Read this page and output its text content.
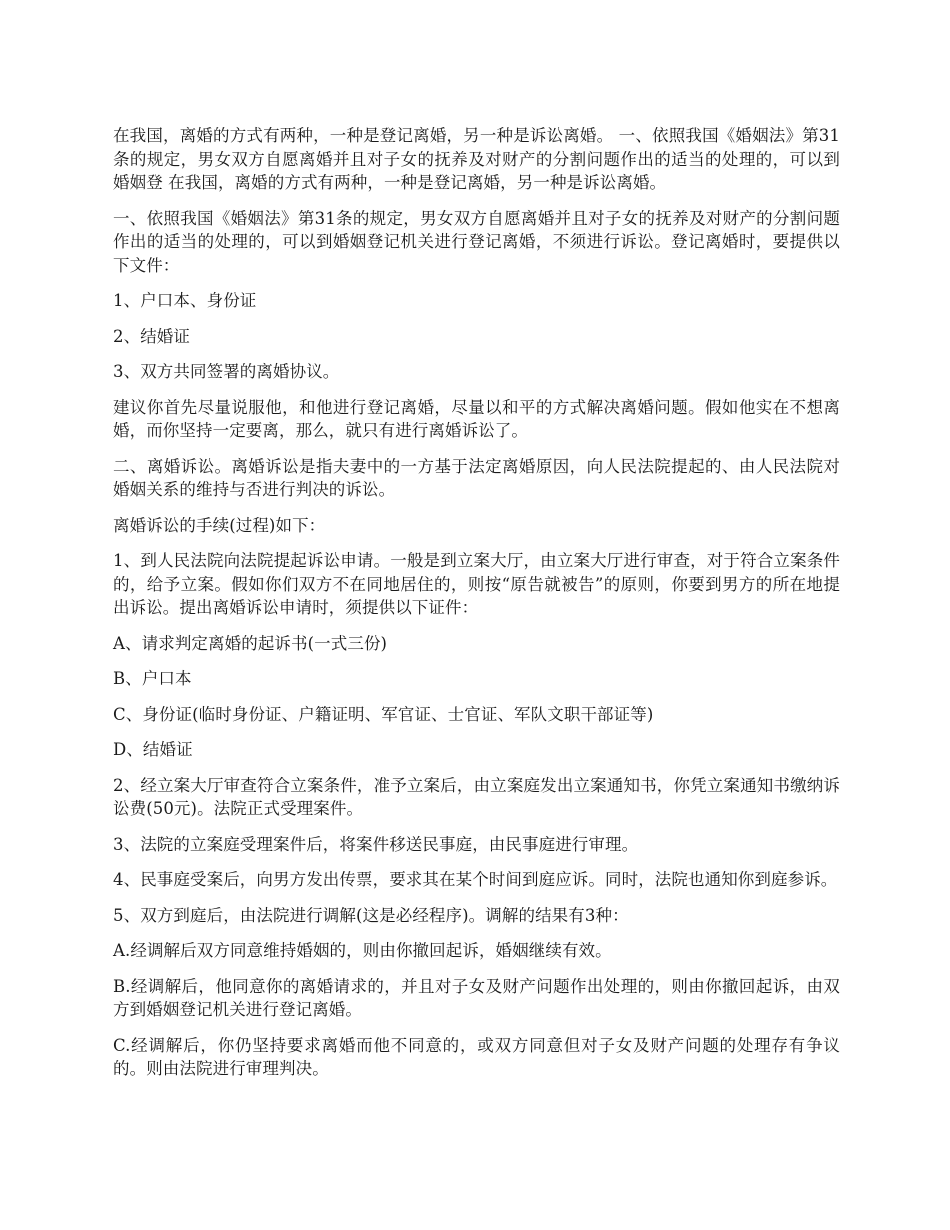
在我国，离婚的方式有两种，一种是登记离婚，另一种是诉讼离婚。 一、依照我国《婚姻法》第31条的规定，男女双方自愿离婚并且对子女的抚养及对财产的分割问题作出的适当的处理的，可以到婚姻登 在我国，离婚的方式有两种，一种是登记离婚，另一种是诉讼离婚。

一、依照我国《婚姻法》第31条的规定，男女双方自愿离婚并且对子女的抚养及对财产的分割问题作出的适当的处理的，可以到婚姻登记机关进行登记离婚，不须进行诉讼。登记离婚时，要提供以下文件：

1、户口本、身份证

2、结婚证

3、双方共同签署的离婚协议。

建议你首先尽量说服他，和他进行登记离婚，尽量以和平的方式解决离婚问题。假如他实在不想离婚，而你坚持一定要离，那么，就只有进行离婚诉讼了。

二、离婚诉讼。离婚诉讼是指夫妻中的一方基于法定离婚原因，向人民法院提起的、由人民法院对婚姻关系的维持与否进行判决的诉讼。

离婚诉讼的手续(过程)如下：

1、到人民法院向法院提起诉讼申请。一般是到立案大厅，由立案大厅进行审查，对于符合立案条件的，给予立案。假如你们双方不在同地居住的，则按“原告就被告”的原则，你要到男方的所在地提出诉讼。提出离婚诉讼申请时，须提供以下证件：

A、请求判定离婚的起诉书(一式三份)

B、户口本

C、身份证(临时身份证、户籍证明、军官证、士官证、军队文职干部证等)

D、结婚证

2、经立案大厅审查符合立案条件，准予立案后，由立案庭发出立案通知书，你凭立案通知书缴纳诉讼费(50元)。法院正式受理案件。

3、法院的立案庭受理案件后，将案件移送民事庭，由民事庭进行审理。

4、民事庭受案后，向男方发出传票，要求其在某个时间到庭应诉。同时，法院也通知你到庭参诉。

5、双方到庭后，由法院进行调解(这是必经程序)。调解的结果有3种：

A.经调解后双方同意维持婚姻的，则由你撤回起诉，婚姻继续有效。

B.经调解后，他同意你的离婚请求的，并且对子女及财产问题作出处理的，则由你撤回起诉，由双方到婚姻登记机关进行登记离婚。

C.经调解后，你仍坚持要求离婚而他不同意的，或双方同意但对子女及财产问题的处理存有争议的。则由法院进行审理判决。
